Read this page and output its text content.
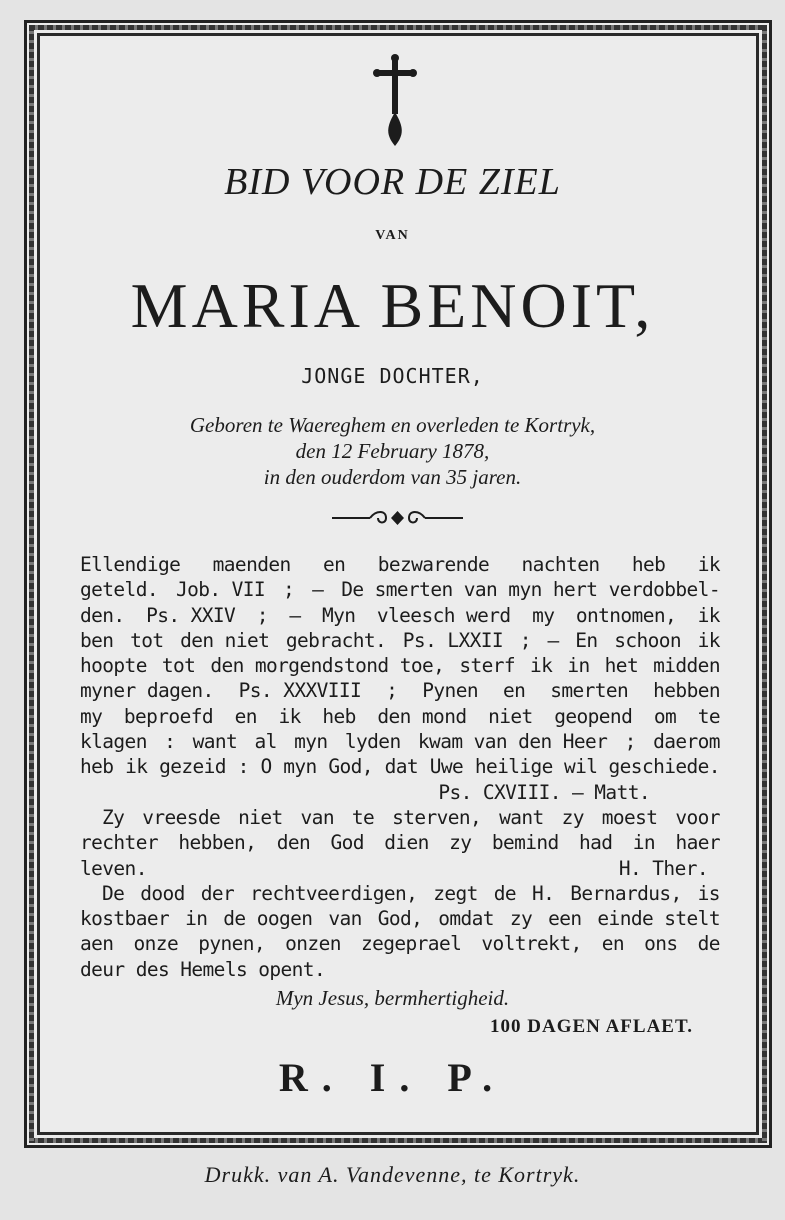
BID VOOR DE ZIEL
VAN
MARIA BENOIT,
JONGE DOCHTER,
Geboren te Waereghem en overleden te Kortryk,
den 12 February 1878,
in den ouderdom van 35 jaren.
Ellendige maenden en bezwarende nachten heb ik
geteld. Job. VII ; — De smerten van myn hert verdobbel-
den. Ps. XXIV ; — Myn vleesch werd my ontnomen, ik
ben tot den niet gebracht. Ps. LXXII ; — En schoon ik
hoopte tot den morgendstond toe, sterf ik in het midden
myner dagen. Ps. XXXVIII ; Pynen en smerten hebben
my beproefd en ik heb den mond niet geopend om te
klagen : want al myn lyden kwam van den Heer ; daerom
heb ik gezeid : O myn God, dat Uwe heilige wil geschiede.
Ps. CXVIII. — Matt.
Zy vreesde niet van te sterven, want zy moest voor
rechter hebben, den God dien zy bemind had in haer
leven.	H. Ther.
De dood der rechtveerdigen, zegt de H. Bernardus, is
kostbaer in de oogen van God, omdat zy een einde stelt
aen onze pynen, onzen zegeprael voltrekt, en ons de
deur des Hemels opent.
Myn Jesus, bermhertigheid.
100 DAGEN AFLAET.
R. I. P.
Drukk. van A. Vandevenne, te Kortryk.
